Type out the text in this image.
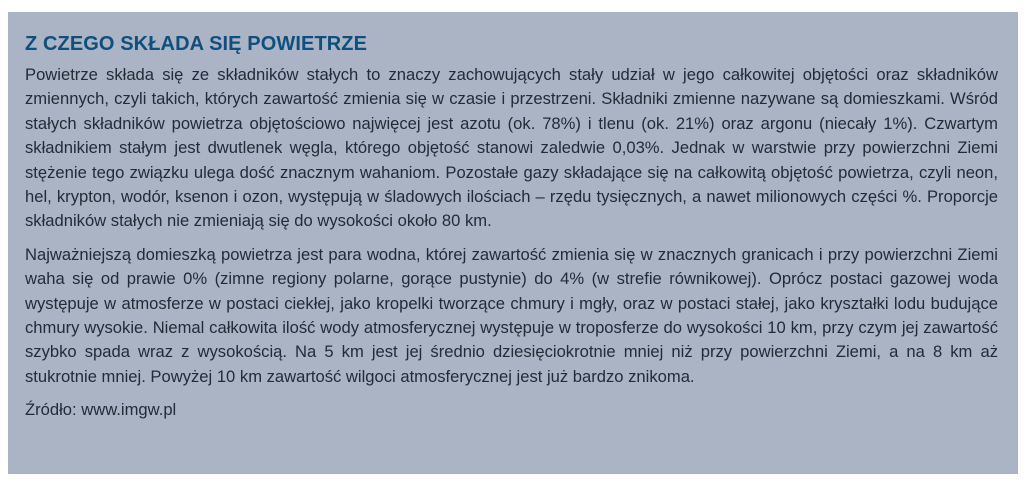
Z CZEGO SKŁADA SIĘ POWIETRZE

Powietrze składa się ze składników stałych to znaczy zachowujących stały udział w jego całkowitej objętości oraz składników zmiennych, czyli takich, których zawartość zmienia się w czasie i przestrzeni. Składniki zmienne nazywane są domieszkami. Wśród stałych składników powietrza objętościowo najwięcej jest azotu (ok. 78%) i tlenu (ok. 21%) oraz argonu (niecały 1%). Czwartym składnikiem stałym jest dwutlenek węgla, którego objętość stanowi zaledwie 0,03%. Jednak w warstwie przy powierzchni Ziemi stężenie tego związku ulega dość znacznym wahaniom. Pozostałe gazy składające się na całkowitą objętość powietrza, czyli neon, hel, krypton, wodór, ksenon i ozon, występują w śladowych ilościach – rzędu tysięcznych, a nawet milionowych części %. Proporcje składników stałych nie zmieniają się do wysokości około 80 km.

Najważniejszą domieszką powietrza jest para wodna, której zawartość zmienia się w znacznych granicach i przy powierzchni Ziemi waha się od prawie 0% (zimne regiony polarne, gorące pustynie) do 4% (w strefie równikowej). Oprócz postaci gazowej woda występuje w atmosferze w postaci ciekłej, jako kropelki tworzące chmury i mgły, oraz w postaci stałej, jako kryształki lodu budujące chmury wysokie. Niemal całkowita ilość wody atmosferycznej występuje w troposferze do wysokości 10 km, przy czym jej zawartość szybko spada wraz z wysokością. Na 5 km jest jej średnio dziesięciokrotnie mniej niż przy powierzchni Ziemi, a na 8 km aż stukrotnie mniej. Powyżej 10 km zawartość wilgoci atmosferycznej jest już bardzo znikoma.

Źródło: www.imgw.pl
